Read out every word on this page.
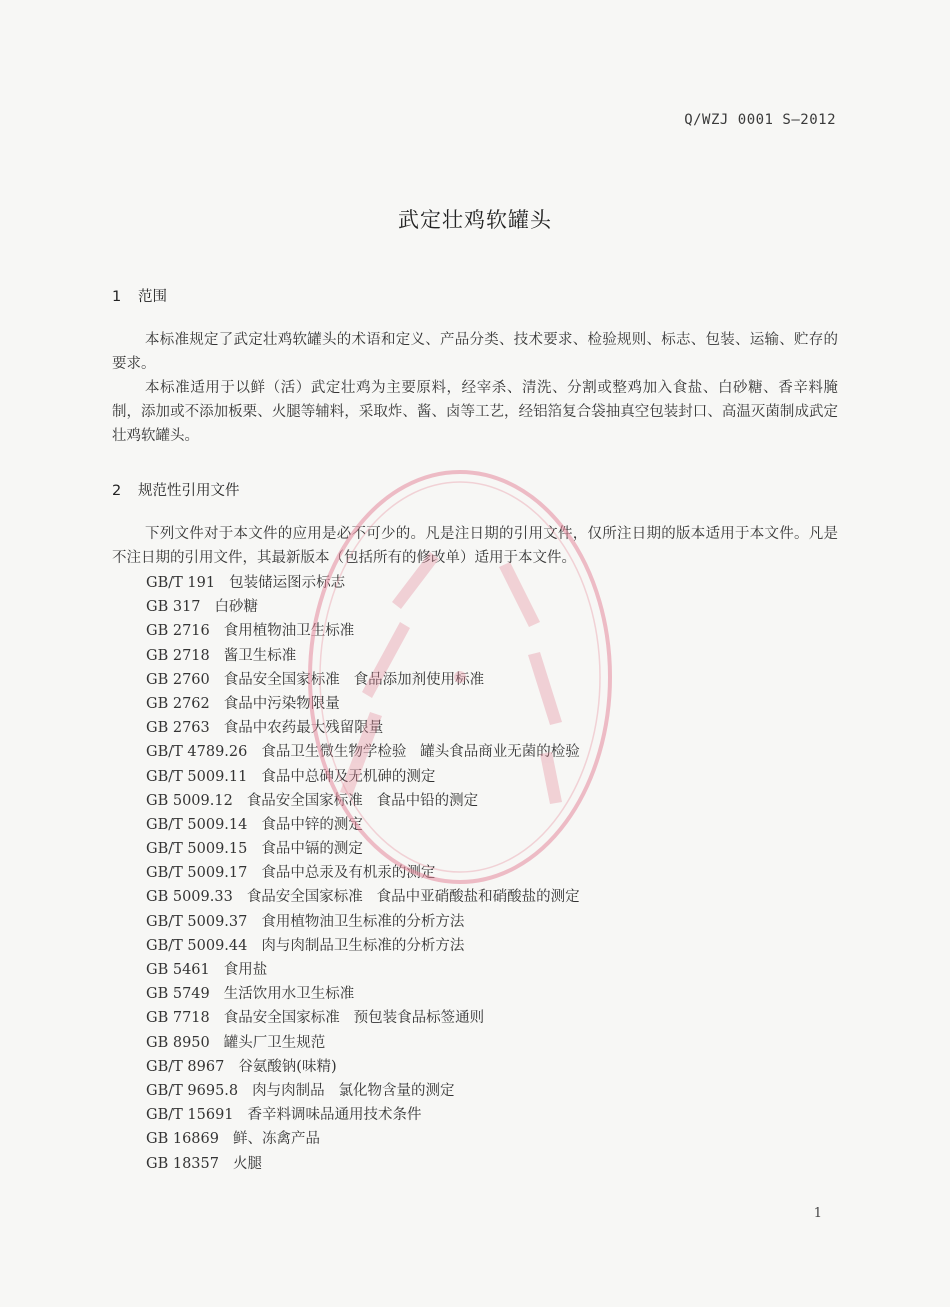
Q/WZJ 0001 S—2012
武定壮鸡软罐头
1 范围
本标准规定了武定壮鸡软罐头的术语和定义、产品分类、技术要求、检验规则、标志、包装、运输、贮存的要求。
本标准适用于以鲜（活）武定壮鸡为主要原料，经宰杀、清洗、分割或整鸡加入食盐、白砂糖、香辛料腌制，添加或不添加板栗、火腿等辅料，采取炸、酱、卤等工艺，经铝箔复合袋抽真空包装封口、高温灭菌制成武定壮鸡软罐头。
2 规范性引用文件
下列文件对于本文件的应用是必不可少的。凡是注日期的引用文件，仅所注日期的版本适用于本文件。凡是不注日期的引用文件，其最新版本（包括所有的修改单）适用于本文件。
GB/T 191 包装储运图示标志
GB 317 白砂糖
GB 2716 食用植物油卫生标准
GB 2718 酱卫生标准
GB 2760 食品安全国家标准   食品添加剂使用标准
GB 2762 食品中污染物限量
GB 2763 食品中农药最大残留限量
GB/T 4789.26 食品卫生微生物学检验   罐头食品商业无菌的检验
GB/T 5009.11 食品中总砷及无机砷的测定
GB 5009.12 食品安全国家标准   食品中铅的测定
GB/T 5009.14 食品中锌的测定
GB/T 5009.15 食品中镉的测定
GB/T 5009.17 食品中总汞及有机汞的测定
GB 5009.33 食品安全国家标准   食品中亚硝酸盐和硝酸盐的测定
GB/T 5009.37 食用植物油卫生标准的分析方法
GB/T 5009.44 肉与肉制品卫生标准的分析方法
GB 5461 食用盐
GB 5749 生活饮用水卫生标准
GB 7718 食品安全国家标准   预包装食品标签通则
GB 8950 罐头厂卫生规范
GB/T 8967 谷氨酸钠(味精)
GB/T 9695.8 肉与肉制品   氯化物含量的测定
GB/T 15691 香辛料调味品通用技术条件
GB 16869 鲜、冻禽产品
GB 18357 火腿
1
